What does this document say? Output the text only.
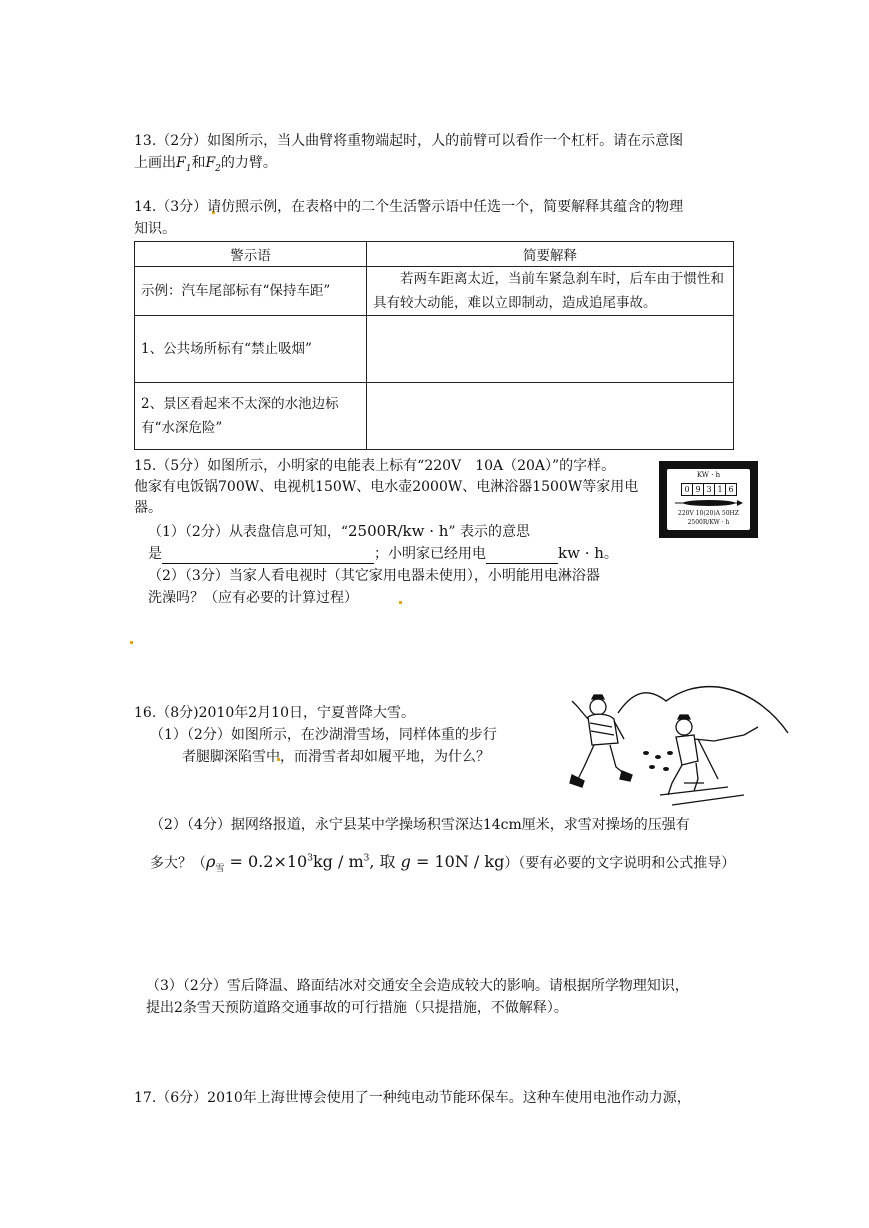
13.（2分）如图所示，当人曲臂将重物端起时，人的前臂可以看作一个杠杆。请在示意图
上画出$F_1$和$F_2$的力臂。
14.（3分）请仿照示例，在表格中的二个生活警示语中任选一个，简要解释其蕴含的物理
知识。
警示语	简要解释

示例：汽车尾部标有“保持车距”	若两车距离太近，当前车紧急刹车时，后车由于惯性和具有较大动能，难以立即制动，造成追尾事故。

1、公共场所标有“禁止吸烟”	

2、景区看起来不太深的水池边标有“水深危险”	

15.（5分）如图所示，小明家的电能表上标有“220V　10A（20A）”的字样。
他家有电饭锅700W、电视机150W、电水壶2000W、电淋浴器1500W等家用电
器。
（1）（2分）从表盘信息可知，“2500R/kw · h” 表示的意思
是	；小明家已经用电	kw · h。
（2）（3分）当家人看电视时（其它家用电器未使用），小明能用电淋浴器
洗澡吗？（应有必要的计算过程）
KW · h
0 9 3 1 6
220V 10(20)A 50HZ
2500R/KW · h
16.（8分)2010年2月10日，宁夏普降大雪。
（1）（2分）如图所示，在沙湖滑雪场，同样体重的步行
者腿脚深陷雪中，而滑雪者却如履平地，为什么？
（2）（4分）据网络报道，永宁县某中学操场积雪深达14cm厘米，求雪对操场的压强有
多大？（$\rho_雪 = 0.2\times 10^3kg / m^3$, 取 g = 10N / kg）（要有必要的文字说明和公式推导）
（3）（2分）雪后降温、路面结冰对交通安全会造成较大的影响。请根据所学物理知识，
提出2条雪天预防道路交通事故的可行措施（只提措施，不做解释）。
17.（6分）2010年上海世博会使用了一种纯电动节能环保车。这种车使用电池作动力源，
